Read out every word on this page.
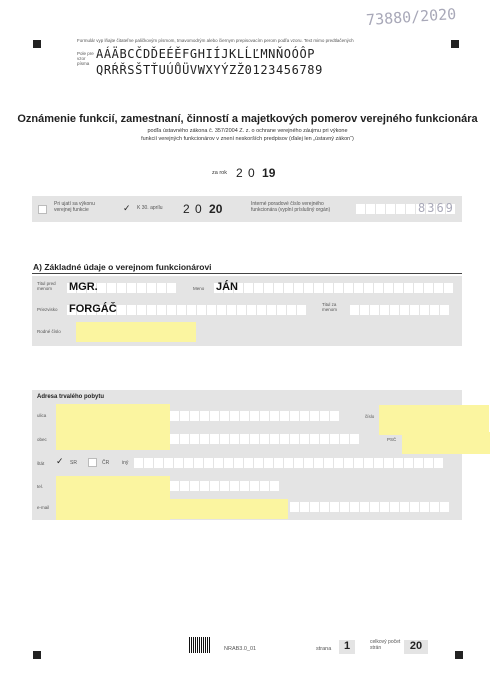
73880/2020
Formulár vyp lňajte čitateľne paličkovým písmom, tmavomodrým alebo čiernym prepisovacím perom podľa vzoru. Text mimo predtlačených
Pole pre vzor písma
AÁÄBCČDĎEÉĚFGHIÍJKLĹĽMNŇOÓÔP
QRŔŘSŠTŤUÚŮÜVWXYÝZŽ0123456789
Oznámenie funkcií, zamestnaní, činností a majetkových pomerov verejného funkcionára
podľa ústavného zákona č. 357/2004 Z. z. o ochrane verejného záujmu pri výkone
funkcií verejných funkcionárov v znení neskorších predpisov (ďalej len „ústavný zákon“)
za rok 2 0 19
Pri ujatí sa výkonu verejnej funkcie	✓ K 30. aprílu 2 0 20	Interné poradové číslo verejného funkcionára (vyplní príslušný orgán)	8369
A) Základné údaje o verejnom funkcionárovi
Titul pred menom	MGR.	Meno JÁN
Priezvisko FORGÁČ	Titul za menom
Rodné číslo
Adresa trvalého pobytu
ulica	číslo
obec	PSČ
štát ✓ SR	ČR	iný
tel.
e-mail
NRAB3.0_01	strana	1	celkový počet strán	20
